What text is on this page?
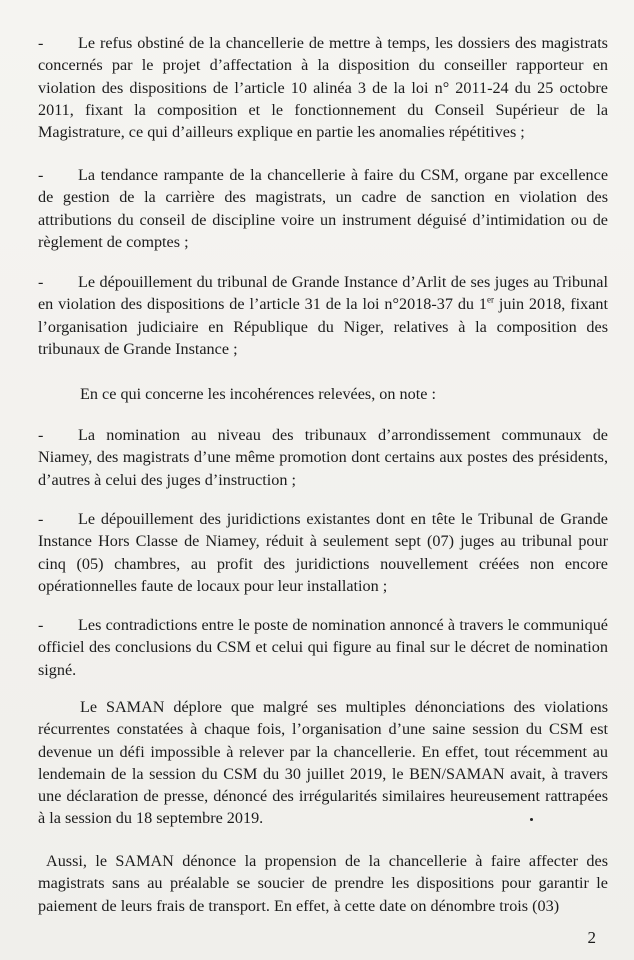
- Le refus obstiné de la chancellerie de mettre à temps, les dossiers des magistrats concernés par le projet d’affectation à la disposition du conseiller rapporteur en violation des dispositions de l’article 10 alinéa 3 de la loi n° 2011-24 du 25 octobre 2011, fixant la composition et le fonctionnement du Conseil Supérieur de la Magistrature, ce qui d’ailleurs explique en partie les anomalies répétitives ;

- La tendance rampante de la chancellerie à faire du CSM, organe par excellence de gestion de la carrière des magistrats, un cadre de sanction en violation des attributions du conseil de discipline voire un instrument déguisé d’intimidation ou de règlement de comptes ;

- Le dépouillement du tribunal de Grande Instance d’Arlit de ses juges au Tribunal en violation des dispositions de l’article 31 de la loi n°2018-37 du 1er juin 2018, fixant l’organisation judiciaire en République du Niger, relatives à la composition des tribunaux de Grande Instance ;

En ce qui concerne les incohérences relevées, on note :

- La nomination au niveau des tribunaux d’arrondissement communaux de Niamey, des magistrats d’une même promotion dont certains aux postes des présidents, d’autres à celui des juges d’instruction ;

- Le dépouillement des juridictions existantes dont en tête le Tribunal de Grande Instance Hors Classe de Niamey, réduit à seulement sept (07) juges au tribunal pour cinq (05) chambres, au profit des juridictions nouvellement créées non encore opérationnelles faute de locaux pour leur installation ;

- Les contradictions entre le poste de nomination annoncé à travers le communiqué officiel des conclusions du CSM et celui qui figure au final sur le décret de nomination signé.

Le SAMAN déplore que malgré ses multiples dénonciations des violations récurrentes constatées à chaque fois, l’organisation d’une saine session du CSM est devenue un défi impossible à relever par la chancellerie. En effet, tout récemment au lendemain de la session du CSM du 30 juillet 2019, le BEN/SAMAN avait, à travers une déclaration de presse, dénoncé des irrégularités similaires heureusement rattrapées à la session du 18 septembre 2019.

Aussi, le SAMAN dénonce la propension de la chancellerie à faire affecter des magistrats sans au préalable se soucier de prendre les dispositions pour garantir le paiement de leurs frais de transport. En effet, à cette date on dénombre trois (03)

2
